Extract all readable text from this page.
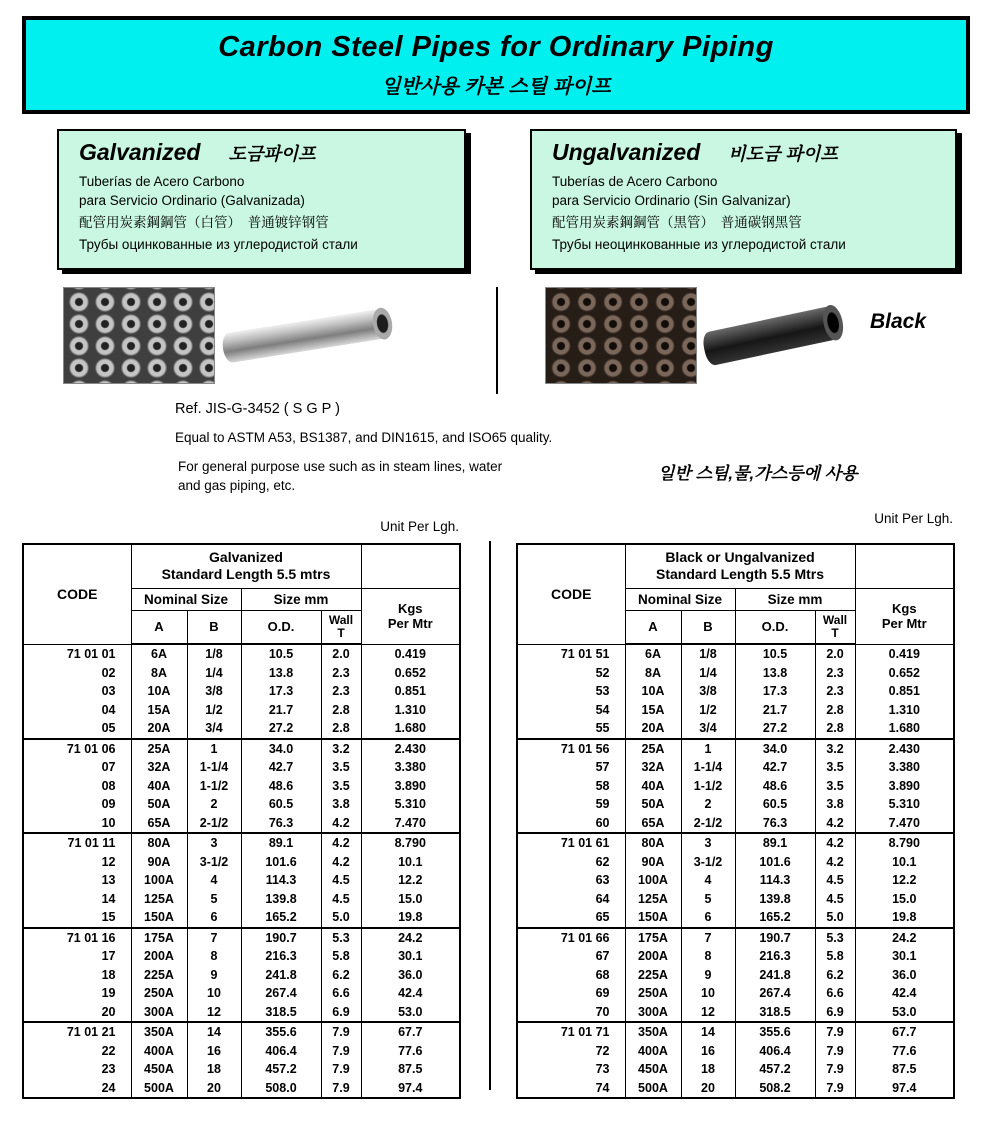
Carbon Steel Pipes for Ordinary Piping
일반사용 카본 스틸 파이프
Galvanized 도금파이프
Tuberías de Acero Carbono
para Servicio Ordinario (Galvanizada)
配管用炭素鋼鋼管（白管）　普通镀锌钢管
Трубы оцинкованные из углеродистой стали
Ungalvanized 비도금 파이프
Tuberías de Acero Carbono
para Servicio Ordinario (Sin Galvanizar)
配管用炭素鋼鋼管（黒管）　普通碳钢黑管
Трубы неоцинкованные из углеродистой стали
Black
Ref. JIS-G-3452 ( S G P )
Equal to ASTM A53, BS1387, and DIN1615, and ISO65 quality.
For general purpose use such as in steam lines, water
and gas piping, etc.
일반 스팀,물,가스등에 사용
Unit Per Lgh.
Unit Per Lgh.
CODE	Galvanized
Standard Length 5.5 mtrs				

	Nominal Size		Size mm		Kgs
Per Mtr

	A	B	O.D.	Wall
T	

71 01 01	6A	1/8	10.5	2.0	0.419
02	8A	1/4	13.8	2.3	0.652
03	10A	3/8	17.3	2.3	0.851
04	15A	1/2	21.7	2.8	1.310
05	20A	3/4	27.2	2.8	1.680
71 01 06	25A	1	34.0	3.2	2.430
07	32A	1-1/4	42.7	3.5	3.380
08	40A	1-1/2	48.6	3.5	3.890
09	50A	2	60.5	3.8	5.310
10	65A	2-1/2	76.3	4.2	7.470
71 01 11	80A	3	89.1	4.2	8.790
12	90A	3-1/2	101.6	4.2	10.1
13	100A	4	114.3	4.5	12.2
14	125A	5	139.8	4.5	15.0
15	150A	6	165.2	5.0	19.8
71 01 16	175A	7	190.7	5.3	24.2
17	200A	8	216.3	5.8	30.1
18	225A	9	241.8	6.2	36.0
19	250A	10	267.4	6.6	42.4
20	300A	12	318.5	6.9	53.0
71 01 21	350A	14	355.6	7.9	67.7
22	400A	16	406.4	7.9	77.6
23	450A	18	457.2	7.9	87.5
24	500A	20	508.0	7.9	97.4
CODE	Black or Ungalvanized
Standard Length 5.5 Mtrs				

	Nominal Size		Size mm		Kgs
Per Mtr

	A	B	O.D.	Wall
T	

71 01 51	6A	1/8	10.5	2.0	0.419
52	8A	1/4	13.8	2.3	0.652
53	10A	3/8	17.3	2.3	0.851
54	15A	1/2	21.7	2.8	1.310
55	20A	3/4	27.2	2.8	1.680
71 01 56	25A	1	34.0	3.2	2.430
57	32A	1-1/4	42.7	3.5	3.380
58	40A	1-1/2	48.6	3.5	3.890
59	50A	2	60.5	3.8	5.310
60	65A	2-1/2	76.3	4.2	7.470
71 01 61	80A	3	89.1	4.2	8.790
62	90A	3-1/2	101.6	4.2	10.1
63	100A	4	114.3	4.5	12.2
64	125A	5	139.8	4.5	15.0
65	150A	6	165.2	5.0	19.8
71 01 66	175A	7	190.7	5.3	24.2
67	200A	8	216.3	5.8	30.1
68	225A	9	241.8	6.2	36.0
69	250A	10	267.4	6.6	42.4
70	300A	12	318.5	6.9	53.0
71 01 71	350A	14	355.6	7.9	67.7
72	400A	16	406.4	7.9	77.6
73	450A	18	457.2	7.9	87.5
74	500A	20	508.2	7.9	97.4
